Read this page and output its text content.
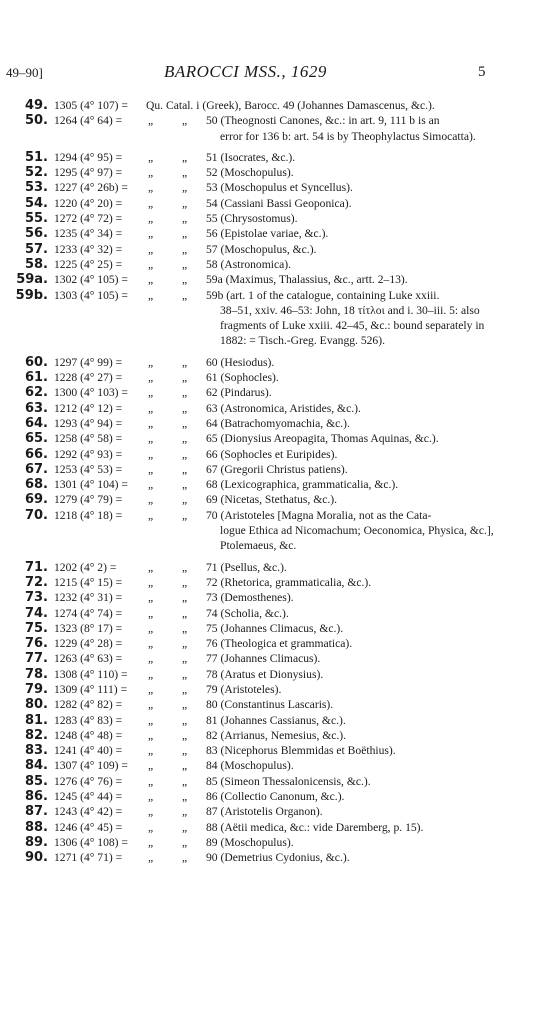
49–90]	BAROCCI MSS., 1629	5
49. 1305 (4° 107) = Qu. Catal. i (Greek), Barocc. 49 (Johannes Damascenus, &c.).
50. 1264 (4° 64) = „ „ 50 (Theognosti Canones, &c.: in art. 9, 111 b is an
error for 136 b: art. 54 is by Theophylactus Simocatta).
51. 1294 (4° 95) = „ „ 51 (Isocrates, &c.).
52. 1295 (4° 97) = „ „ 52 (Moschopulus).
53. 1227 (4° 26b) = „ „ 53 (Moschopulus et Syncellus).
54. 1220 (4° 20) = „ „ 54 (Cassiani Bassi Geoponica).
55. 1272 (4° 72) = „ „ 55 (Chrysostomus).
56. 1235 (4° 34) = „ „ 56 (Epistolae variae, &c.).
57. 1233 (4° 32) = „ „ 57 (Moschopulus, &c.).
58. 1225 (4° 25) = „ „ 58 (Astronomica).
59a. 1302 (4° 105) = „ „ 59a (Maximus, Thalassius, &c., artt. 2–13).
59b. 1303 (4° 105) = „ „ 59b (art. 1 of the catalogue, containing Luke xxiii.
38–51, xxiv. 46–53: John, 18 τίτλοι and i. 30–iii. 5: also fragments of Luke xxiii. 42–45, &c.: bound separately in 1882: = Tisch.-Greg. Evangg. 526).
60. 1297 (4° 99) = „ „ 60 (Hesiodus).
61. 1228 (4° 27) = „ „ 61 (Sophocles).
62. 1300 (4° 103) = „ „ 62 (Pindarus).
63. 1212 (4° 12) = „ „ 63 (Astronomica, Aristides, &c.).
64. 1293 (4° 94) = „ „ 64 (Batrachomyomachia, &c.).
65. 1258 (4° 58) = „ „ 65 (Dionysius Areopagita, Thomas Aquinas, &c.).
66. 1292 (4° 93) = „ „ 66 (Sophocles et Euripides).
67. 1253 (4° 53) = „ „ 67 (Gregorii Christus patiens).
68. 1301 (4° 104) = „ „ 68 (Lexicographica, grammaticalia, &c.).
69. 1279 (4° 79) = „ „ 69 (Nicetas, Stethatus, &c.).
70. 1218 (4° 18) = „ „ 70 (Aristoteles [Magna Moralia, not as the Cata-
logue Ethica ad Nicomachum; Oeconomica, Physica, &c.], Ptolemaeus, &c.
71. 1202 (4° 2) =	„ „ 71 (Psellus, &c.).
72. 1215 (4° 15) = „ „ 72 (Rhetorica, grammaticalia, &c.).
73. 1232 (4° 31) = „ „ 73 (Demosthenes).
74. 1274 (4° 74) = „ „ 74 (Scholia, &c.).
75. 1323 (8° 17) = „ „ 75 (Johannes Climacus, &c.).
76. 1229 (4° 28) = „ „ 76 (Theologica et grammatica).
77. 1263 (4° 63) = „ „ 77 (Johannes Climacus).
78. 1308 (4° 110) = „ „ 78 (Aratus et Dionysius).
79. 1309 (4° 111) = „ „ 79 (Aristoteles).
80. 1282 (4° 82) = „ „ 80 (Constantinus Lascaris).
81. 1283 (4° 83) = „ „ 81 (Johannes Cassianus, &c.).
82. 1248 (4° 48) = „ „ 82 (Arrianus, Nemesius, &c.).
83. 1241 (4° 40) = „ „ 83 (Nicephorus Blemmidas et Boëthius).
84. 1307 (4° 109) = „ „ 84 (Moschopulus).
85. 1276 (4° 76) = „ „ 85 (Simeon Thessalonicensis, &c.).
86. 1245 (4° 44) = „ „ 86 (Collectio Canonum, &c.).
87. 1243 (4° 42) = „ „ 87 (Aristotelis Organon).
88. 1246 (4° 45) = „ „ 88 (Aëtii medica, &c.: vide Daremberg, p. 15).
89. 1306 (4° 108) = „ „ 89 (Moschopulus).
90. 1271 (4° 71) = „ „ 90 (Demetrius Cydonius, &c.).
